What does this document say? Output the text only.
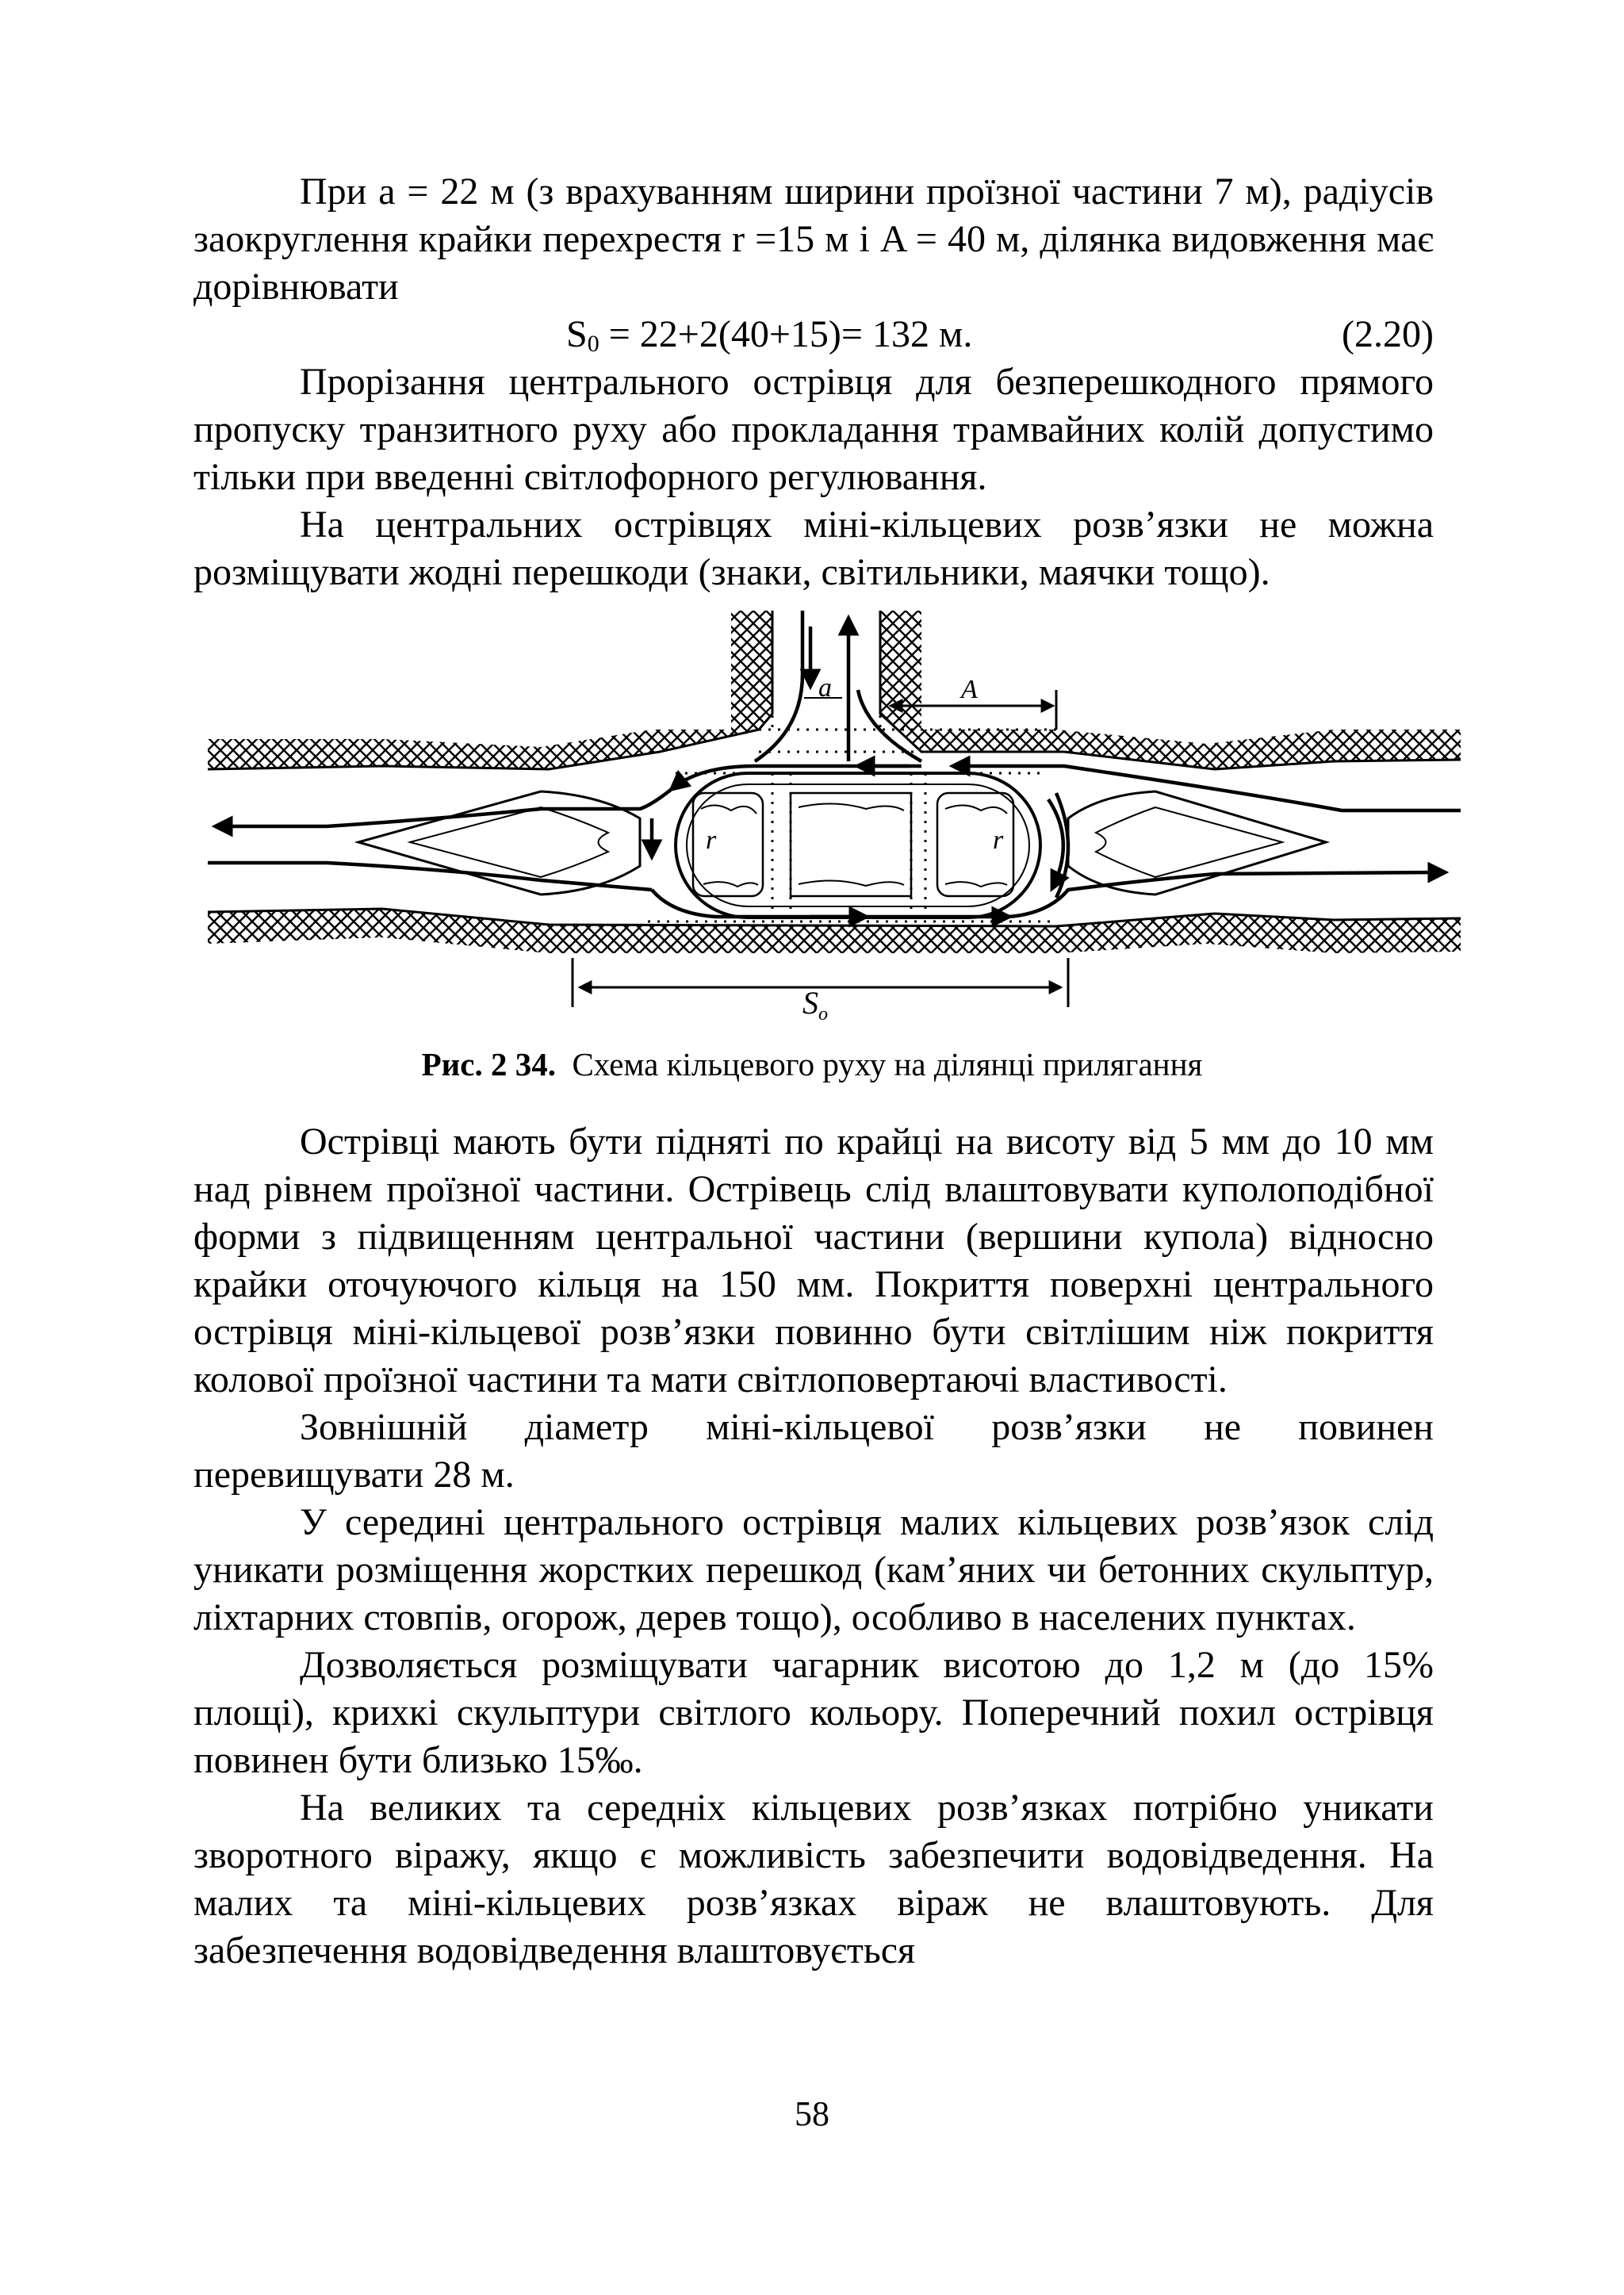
При a = 22 м (з врахуванням ширини проїзної частини 7 м), радіусів заокруглення крайки перехрестя r =15 м і A = 40 м, ділянка видовження має дорівнювати

$S_0 = 22+2(40+15)= 132$ м.	(2.20)

Прорізання центрального острівця для безперешкодного прямого пропуску транзитного руху або прокладання трамвайних колій допустимо тільки при введенні світлофорного регулювання.

На центральних острівцях міні-кільцевих розв’язки не можна розміщувати жодні перешкоди (знаки, світильники, маячки тощо).

a	A
r	r
$S_o$
Рис. 2 34. Схема кільцевого руху на ділянці прилягання

Острівці мають бути підняті по крайці на висоту від 5 мм до 10 мм над рівнем проїзної частини. Острівець слід влаштовувати куполоподібної форми з підвищенням центральної частини (вершини купола) відносно крайки оточуючого кільця на 150 мм. Покриття поверхні центрального острівця міні-кільцевої розв’язки повинно бути світлішим ніж покриття колової проїзної частини та мати світлоповертаючі властивості.

Зовнішній діаметр міні-кільцевої розв’язки не повинен перевищувати 28 м.

У середині центрального острівця малих кільцевих розв’язок слід уникати розміщення жорстких перешкод (кам’яних чи бетонних скульптур, ліхтарних стовпів, огорож, дерев тощо), особливо в населених пунктах.

Дозволяється розміщувати чагарник висотою до 1,2 м (до 15% площі), крихкі скульптури світлого кольору. Поперечний похил острівця повинен бути близько 15‰.

На великих та середніх кільцевих розв’язках потрібно уникати зворотного віражу, якщо є можливість забезпечити водовідведення. На малих та міні-кільцевих розв’язках віраж не влаштовують. Для забезпечення водовідведення влаштовується

58
